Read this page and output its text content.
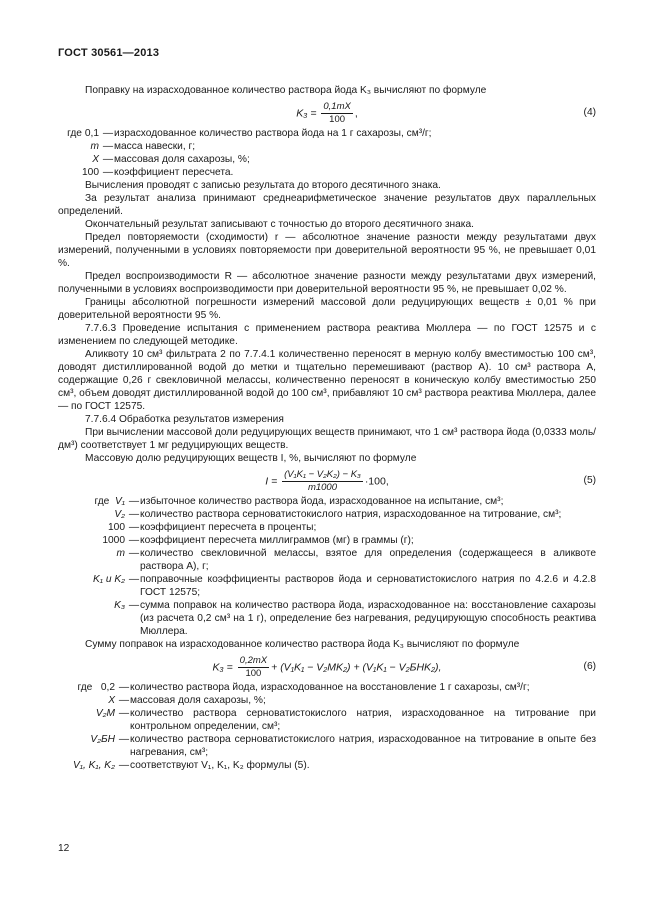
ГОСТ 30561—2013

Поправку на израсходованное количество раствора йода K₃ вычисляют по формуле

$K_3 = \frac{0,1mX}{100}$ ,	(4)
где 0,1 — израсходованное количество раствора йода на 1 г сахарозы, см³/г;
m — масса навески, г;
X — массовая доля сахарозы, %;
100 — коэффициент пересчета.

Вычисления проводят с записью результата до второго десятичного знака.

За результат анализа принимают среднеарифметическое значение результатов двух параллельных определений.

Окончательный результат записывают с точностью до второго десятичного знака.

Предел повторяемости (сходимости) r — абсолютное значение разности между результатами двух измерений, полученными в условиях повторяемости при доверительной вероятности 95 %, не превышает 0,01 %.

Предел воспроизводимости R — абсолютное значение разности между результатами двух измерений, полученными в условиях воспроизводимости при доверительной вероятности 95 %, не превышает 0,02 %.

Границы абсолютной погрешности измерений массовой доли редуцирующих веществ ± 0,01 % при доверительной вероятности 95 %.

7.7.6.3 Проведение испытания с применением раствора реактива Мюллера — по ГОСТ 12575 и с изменением по следующей методике.

Аликвоту 10 см³ фильтрата 2 по 7.7.4.1 количественно переносят в мерную колбу вместимостью 100 см³, доводят дистиллированной водой до метки и тщательно перемешивают (раствор А). 10 см³ раствора А, содержащие 0,26 г свекловичной мелассы, количественно переносят в коническую колбу вместимостью 250 см³, объем доводят дистиллированной водой до 100 см³, прибавляют 10 см³ раствора реактива Мюллера, далее — по ГОСТ 12575.

7.7.6.4 Обработка результатов измерения

При вычислении массовой доли редуцирующих веществ принимают, что 1 см³ раствора йода (0,0333 моль/дм³) соответствует 1 мг редуцирующих веществ.

Массовую долю редуцирующих веществ I, %, вычисляют по формуле

$I = \frac{\text{(V₁K₁ − V₂K₂) − K₃}}{m1000} \cdot 100$,	(5)
где V₁ — избыточное количество раствора йода, израсходованное на испытание, см³;
V₂ — количество раствора серноватистокислого натрия, израсходованное на титрование, см³;
100 — коэффициент пересчета в проценты;
1000 — коэффициент пересчета миллиграммов (мг) в граммы (г);
m — количество свекловичной мелассы, взятое для определения (содержащееся в аликвоте раствора А), г;
K₁ и K₂ — поправочные коэффициенты растворов йода и серноватистокислого натрия по 4.2.6 и 4.2.8 ГОСТ 12575;
K₃ — сумма поправок на количество раствора йода, израсходованное на: восстановление сахарозы (из расчета 0,2 см³ на 1 г), определение без нагревания, редуцирующую способность реактива Мюллера.

Сумму поправок на израсходованное количество раствора йода K₃ вычисляют по формуле

$K_3 = \frac{0,2mX}{100} + (V_1K_1 - V_2МK_2) + (V_1K_1 - V_2БНK_2)$,	(6)
где 0,2 — количество раствора йода, израсходованное на восстановление 1 г сахарозы, см³/г;
X — массовая доля сахарозы, %;
V₂М — количество раствора серноватистокислого натрия, израсходованное на титрование при контрольном определении, см³;
V₂БН — количество раствора серноватистокислого натрия, израсходованное на титрование в опыте без нагревания, см³;
V₁, K₁, K₂ — соответствуют V₁, K₁, K₂ формулы (5).
12
